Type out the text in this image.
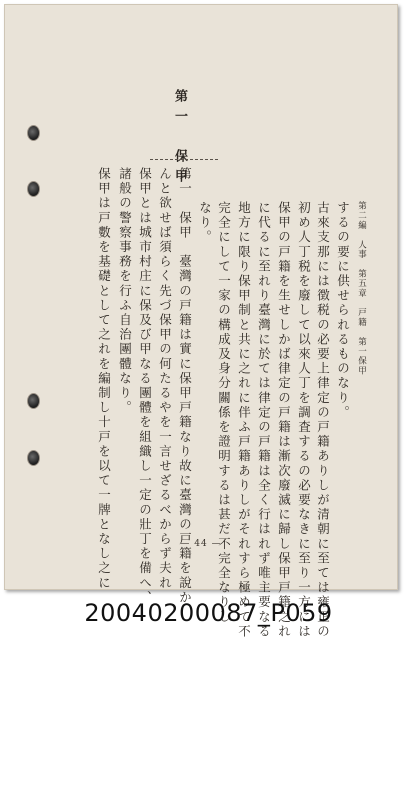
第二編　人事　第五章　戸籍　第一保甲
するの要に供せられるものなり。
古來支那には徴税の必要上律定の戸籍ありしが清朝に至ては雍正の
初め人丁税を廢して以來人丁を調査するの必要なきに至り一方には
保甲の戸籍を生せしかば律定の戸籍は漸次廢滅に歸し保甲戸籍之れ
に代るに至れり臺灣に於ては律定の戸籍は全く行はれず唯主要なる
地方に限り保甲制と共に之れに伴ふ戸籍ありしがそれすら極めて不
完全にして一家の構成及身分關係を證明するは甚だ不完全なりし
なり。
第一　保甲　臺灣の戸籍は實に保甲戸籍なり故に臺灣の戸籍を說か
んと欲せば須らく先づ保甲の何たるやを一言せざるべからず夫れ
保甲とは城市村庄に保及び甲なる團體を組織し一定の壯丁を備へ、
諸般の警察事務を行ふ自治團體なり。
保甲は戸數を基礎として之れを編制し十戸を以て一牌となし之に
第一　保甲
— 44 —
20040200087_P059
